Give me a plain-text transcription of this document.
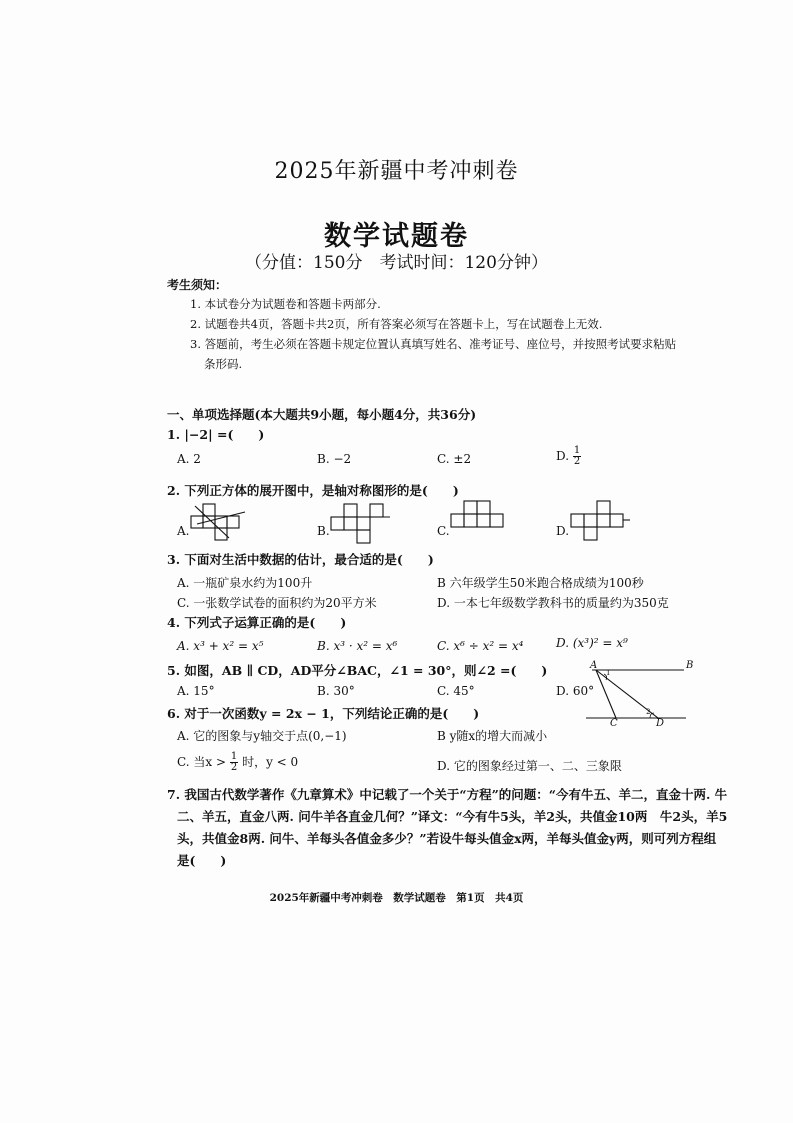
2025年新疆中考冲刺卷
数学试题卷
（分值：150分　考试时间：120分钟）
考生须知：
1. 本试卷分为试题卷和答题卡两部分.
2. 试题卷共4页，答题卡共2页，所有答案必须写在答题卡上，写在试题卷上无效.
3. 答题前，考生必须在答题卡规定位置认真填写姓名、准考证号、座位号，并按照考试要求粘贴
条形码.
一、单项选择题(本大题共9小题，每小题4分，共36分)
1. |−2| =(　　)
A. 2	B. −2	C. ±2	D. $\frac{1}{2}$
2. 下列正方体的展开图中，是轴对称图形的是(　　)
A.	B.	C.	D.
3. 下面对生活中数据的估计，最合适的是(　　)
A. 一瓶矿泉水约为100升	B 六年级学生50米跑合格成绩为100秒
C. 一张数学试卷的面积约为20平方米	D. 一本七年级数学教科书的质量约为350克
4. 下列式子运算正确的是(　　)
A. x³ + x² = x⁵	B. x³ · x² = x⁶	C. x⁶ ÷ x² = x⁴	D. (x³)² = x⁹
5. 如图，AB ∥ CD，AD平分∠BAC，∠1 = 30°，则∠2 =(　　)
A. 15°	B. 30°	C. 45°	D. 60°
A	B
C	D
1
2
6. 对于一次函数y = 2x − 1，下列结论正确的是(　　)
A. 它的图象与y轴交于点(0,−1)	B y随x的增大而减小
C. 当$x > \frac{1}{2}$ 时，y < 0	D. 它的图象经过第一、二、三象限
7. 我国古代数学著作《九章算术》中记载了一个关于“方程”的问题：“今有牛五、羊二，直金十两. 牛
二、羊五，直金八两. 问牛羊各直金几何？”译文：“今有牛5头，羊2头，共值金10两　牛2头，羊5
头，共值金8两. 问牛、羊每头各值金多少？”若设牛每头值金x两，羊每头值金y两，则可列方程组
是(　　)
2025年新疆中考冲刺卷　数学试题卷　第1页　共4页
